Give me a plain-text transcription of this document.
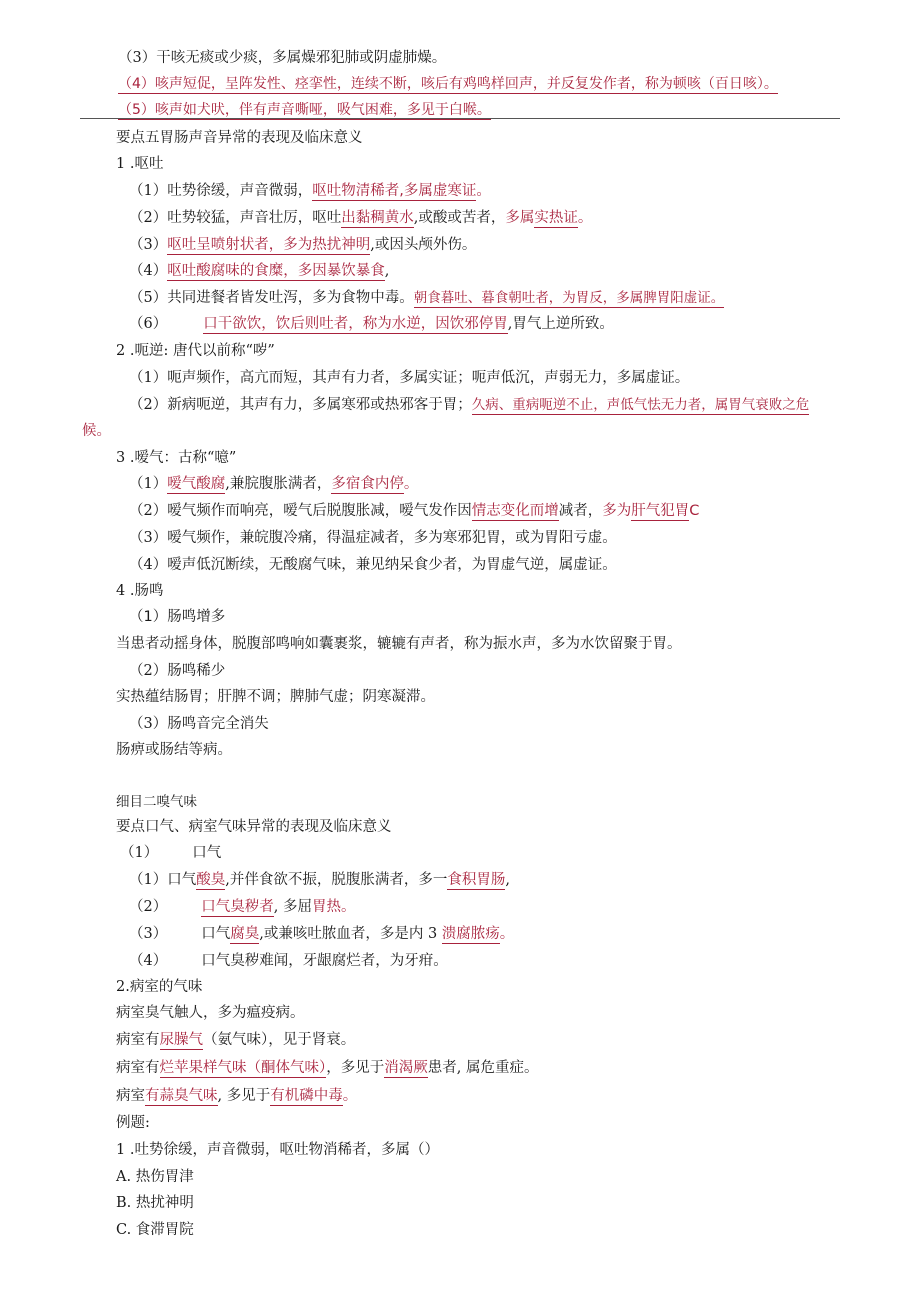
（3）干咳无痰或少痰，多属燥邪犯肺或阴虚肺燥。
（4）咳声短促，呈阵发性、痉挛性，连续不断，咳后有鸡鸣样回声，并反复发作者，称为顿咳（百日咳）。
（5）咳声如犬吠，伴有声音嘶哑，吸气困难，多见于白喉。
要点五胃肠声音异常的表现及临床意义
1 .呕吐
（1）吐势徐缓，声音微弱，呕吐物清稀者,多属虚寒证。
（2）吐势较猛，声音壮厉，呕吐出黏稠黄水,或酸或苦者，多属实热证。
（3）呕吐呈喷射状者，多为热扰神明,或因头颅外伤。
（4）呕吐酸腐味的食糜，多因暴饮暴食,
（5）共同进餐者皆发吐泻，多为食物中毒。朝食暮吐、暮食朝吐者，为胃反，多属脾胃阳虚证。
（6） 口干欲饮，饮后则吐者，称为水逆，因饮邪停胃,胃气上逆所致。
2 .呃逆: 唐代以前称“哕”
（1）呃声频作，高亢而短，其声有力者，多属实证；呃声低沉，声弱无力，多属虚证。
（2）新病呃逆，其声有力，多属寒邪或热邪客于胃；久病、重病呃逆不止，声低气怯无力者，属胃气衰败之危
候。
3 .嗳气：古称“噫”
（1）嗳气酸腐,兼脘腹胀满者，多宿食内停。
（2）嗳气频作而响亮，嗳气后脱腹胀减，嗳气发作因情志变化而增减者，多为肝气犯胃C
（3）嗳气频作，兼皖腹冷痛，得温症减者，多为寒邪犯胃，或为胃阳亏虚。
（4）嗳声低沉断续，无酸腐气味，兼见纳呆食少者，为胃虚气逆，属虚证。
4 .肠鸣
（1）肠鸣增多
当患者动摇身体，脱腹部鸣响如囊裹浆，辘辘有声者，称为振水声，多为水饮留聚于胃。
（2）肠鸣稀少
实热蕴结肠胃；肝脾不调；脾肺气虚；阴寒凝滞。
（3）肠鸣音完全消失
肠痹或肠结等病。
细目二嗅气味
要点口气、病室气味异常的表现及临床意义
（1） 口气
（1）口气酸臭,并伴食欲不振，脱腹胀满者，多一食积胃肠,
（2） 口气臭秽者, 多屈胃热。
（3） 口气腐臭,或兼咳吐脓血者，多是内 3 溃腐脓疡。
（4） 口气臭秽难闻，牙龈腐烂者，为牙疳。
2.病室的气味
病室臭气触人，多为瘟疫病。
病室有尿臊气（氨气味），见于肾衰。
病室有烂苹果样气味（酮体气味），多见于消渴厥患者, 属危重症。
病室有蒜臭气味, 多见于有机磷中毒。
例题:
1 .吐势徐缓，声音微弱，呕吐物消稀者，多属（）
A. 热伤胃津
B. 热扰神明
C. 食滞胃院
